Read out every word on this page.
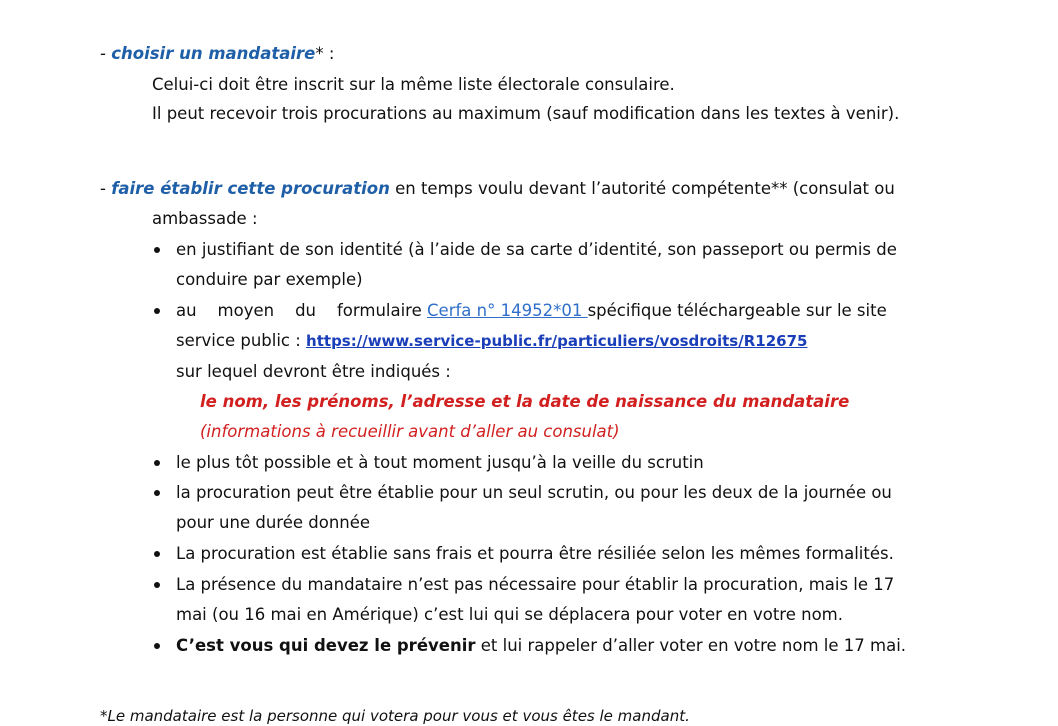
- choisir un mandataire* :
Celui-ci doit être inscrit sur la même liste électorale consulaire.
Il peut recevoir trois procurations au maximum (sauf modification dans les textes à venir).
- faire établir cette procuration en temps voulu devant l’autorité compétente** (consulat ou
ambassade :
en justifiant de son identité (à l’aide de sa carte d’identité, son passeport ou permis de
conduire par exemple)
au    moyen    du    formulaire Cerfa n° 14952*01 spécifique téléchargeable sur le site
service public : https://www.service-public.fr/particuliers/vosdroits/R12675
sur lequel devront être indiqués :
le nom, les prénoms, l’adresse et la date de naissance du mandataire
(informations à recueillir avant d’aller au consulat)
le plus tôt possible et à tout moment jusqu’à la veille du scrutin
la procuration peut être établie pour un seul scrutin, ou pour les deux de la journée ou
pour une durée donnée
La procuration est établie sans frais et pourra être résiliée selon les mêmes formalités.
La présence du mandataire n’est pas nécessaire pour établir la procuration, mais le 17
mai (ou 16 mai en Amérique) c’est lui qui se déplacera pour voter en votre nom.
C’est vous qui devez le prévenir et lui rappeler d’aller voter en votre nom le 17 mai.
*Le mandataire est la personne qui votera pour vous et vous êtes le mandant.
